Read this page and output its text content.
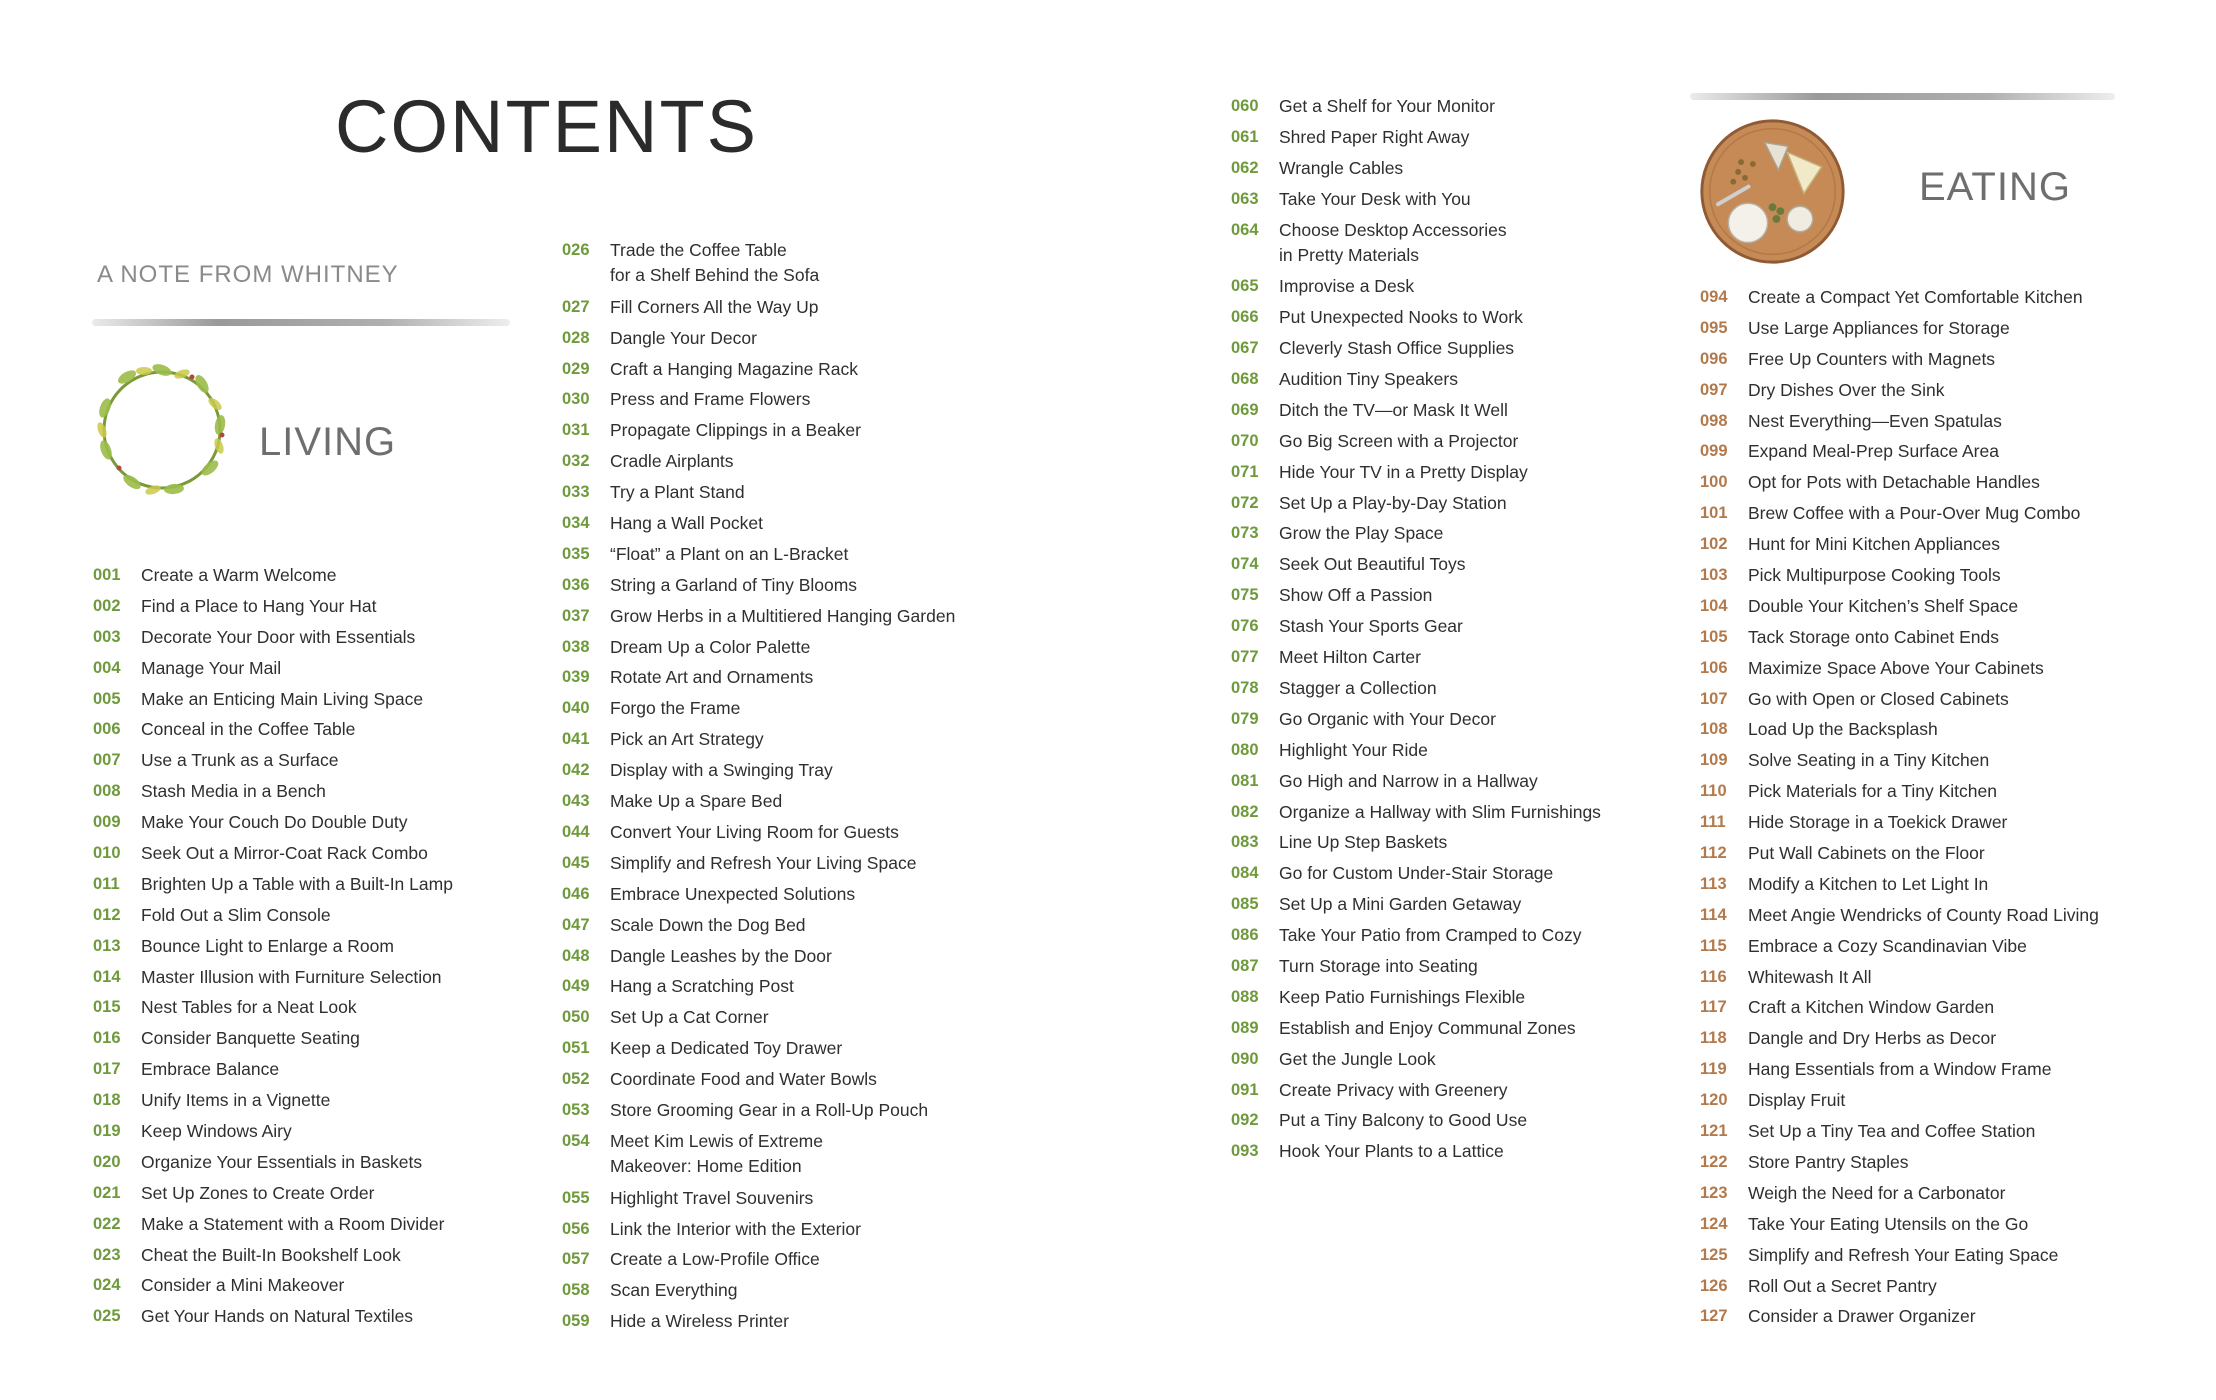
CONTENTS
A NOTE FROM WHITNEY
LIVING
EATING
001	Create a Warm Welcome
002	Find a Place to Hang Your Hat
003	Decorate Your Door with Essentials
004	Manage Your Mail
005	Make an Enticing Main Living Space
006	Conceal in the Coffee Table
007	Use a Trunk as a Surface
008	Stash Media in a Bench
009	Make Your Couch Do Double Duty
010	Seek Out a Mirror-Coat Rack Combo
011	Brighten Up a Table with a Built-In Lamp
012	Fold Out a Slim Console
013	Bounce Light to Enlarge a Room
014	Master Illusion with Furniture Selection
015	Nest Tables for a Neat Look
016	Consider Banquette Seating
017	Embrace Balance
018	Unify Items in a Vignette
019	Keep Windows Airy
020	Organize Your Essentials in Baskets
021	Set Up Zones to Create Order
022	Make a Statement with a Room Divider
023	Cheat the Built-In Bookshelf Look
024	Consider a Mini Makeover
025	Get Your Hands on Natural Textiles
026	Trade the Coffee Table
for a Shelf Behind the Sofa
027	Fill Corners All the Way Up
028	Dangle Your Decor
029	Craft a Hanging Magazine Rack
030	Press and Frame Flowers
031	Propagate Clippings in a Beaker
032	Cradle Airplants
033	Try a Plant Stand
034	Hang a Wall Pocket
035	“Float” a Plant on an L-Bracket
036	String a Garland of Tiny Blooms
037	Grow Herbs in a Multitiered Hanging Garden
038	Dream Up a Color Palette
039	Rotate Art and Ornaments
040	Forgo the Frame
041	Pick an Art Strategy
042	Display with a Swinging Tray
043	Make Up a Spare Bed
044	Convert Your Living Room for Guests
045	Simplify and Refresh Your Living Space
046	Embrace Unexpected Solutions
047	Scale Down the Dog Bed
048	Dangle Leashes by the Door
049	Hang a Scratching Post
050	Set Up a Cat Corner
051	Keep a Dedicated Toy Drawer
052	Coordinate Food and Water Bowls
053	Store Grooming Gear in a Roll-Up Pouch
054	Meet Kim Lewis of Extreme
Makeover: Home Edition
055	Highlight Travel Souvenirs
056	Link the Interior with the Exterior
057	Create a Low-Profile Office
058	Scan Everything
059	Hide a Wireless Printer
060	Get a Shelf for Your Monitor
061	Shred Paper Right Away
062	Wrangle Cables
063	Take Your Desk with You
064	Choose Desktop Accessories
in Pretty Materials
065	Improvise a Desk
066	Put Unexpected Nooks to Work
067	Cleverly Stash Office Supplies
068	Audition Tiny Speakers
069	Ditch the TV—or Mask It Well
070	Go Big Screen with a Projector
071	Hide Your TV in a Pretty Display
072	Set Up a Play-by-Day Station
073	Grow the Play Space
074	Seek Out Beautiful Toys
075	Show Off a Passion
076	Stash Your Sports Gear
077	Meet Hilton Carter
078	Stagger a Collection
079	Go Organic with Your Decor
080	Highlight Your Ride
081	Go High and Narrow in a Hallway
082	Organize a Hallway with Slim Furnishings
083	Line Up Step Baskets
084	Go for Custom Under-Stair Storage
085	Set Up a Mini Garden Getaway
086	Take Your Patio from Cramped to Cozy
087	Turn Storage into Seating
088	Keep Patio Furnishings Flexible
089	Establish and Enjoy Communal Zones
090	Get the Jungle Look
091	Create Privacy with Greenery
092	Put a Tiny Balcony to Good Use
093	Hook Your Plants to a Lattice
094	Create a Compact Yet Comfortable Kitchen
095	Use Large Appliances for Storage
096	Free Up Counters with Magnets
097	Dry Dishes Over the Sink
098	Nest Everything—Even Spatulas
099	Expand Meal-Prep Surface Area
100	Opt for Pots with Detachable Handles
101	Brew Coffee with a Pour-Over Mug Combo
102	Hunt for Mini Kitchen Appliances
103	Pick Multipurpose Cooking Tools
104	Double Your Kitchen’s Shelf Space
105	Tack Storage onto Cabinet Ends
106	Maximize Space Above Your Cabinets
107	Go with Open or Closed Cabinets
108	Load Up the Backsplash
109	Solve Seating in a Tiny Kitchen
110	Pick Materials for a Tiny Kitchen
111	Hide Storage in a Toekick Drawer
112	Put Wall Cabinets on the Floor
113	Modify a Kitchen to Let Light In
114	Meet Angie Wendricks of County Road Living
115	Embrace a Cozy Scandinavian Vibe
116	Whitewash It All
117	Craft a Kitchen Window Garden
118	Dangle and Dry Herbs as Decor
119	Hang Essentials from a Window Frame
120	Display Fruit
121	Set Up a Tiny Tea and Coffee Station
122	Store Pantry Staples
123	Weigh the Need for a Carbonator
124	Take Your Eating Utensils on the Go
125	Simplify and Refresh Your Eating Space
126	Roll Out a Secret Pantry
127	Consider a Drawer Organizer
